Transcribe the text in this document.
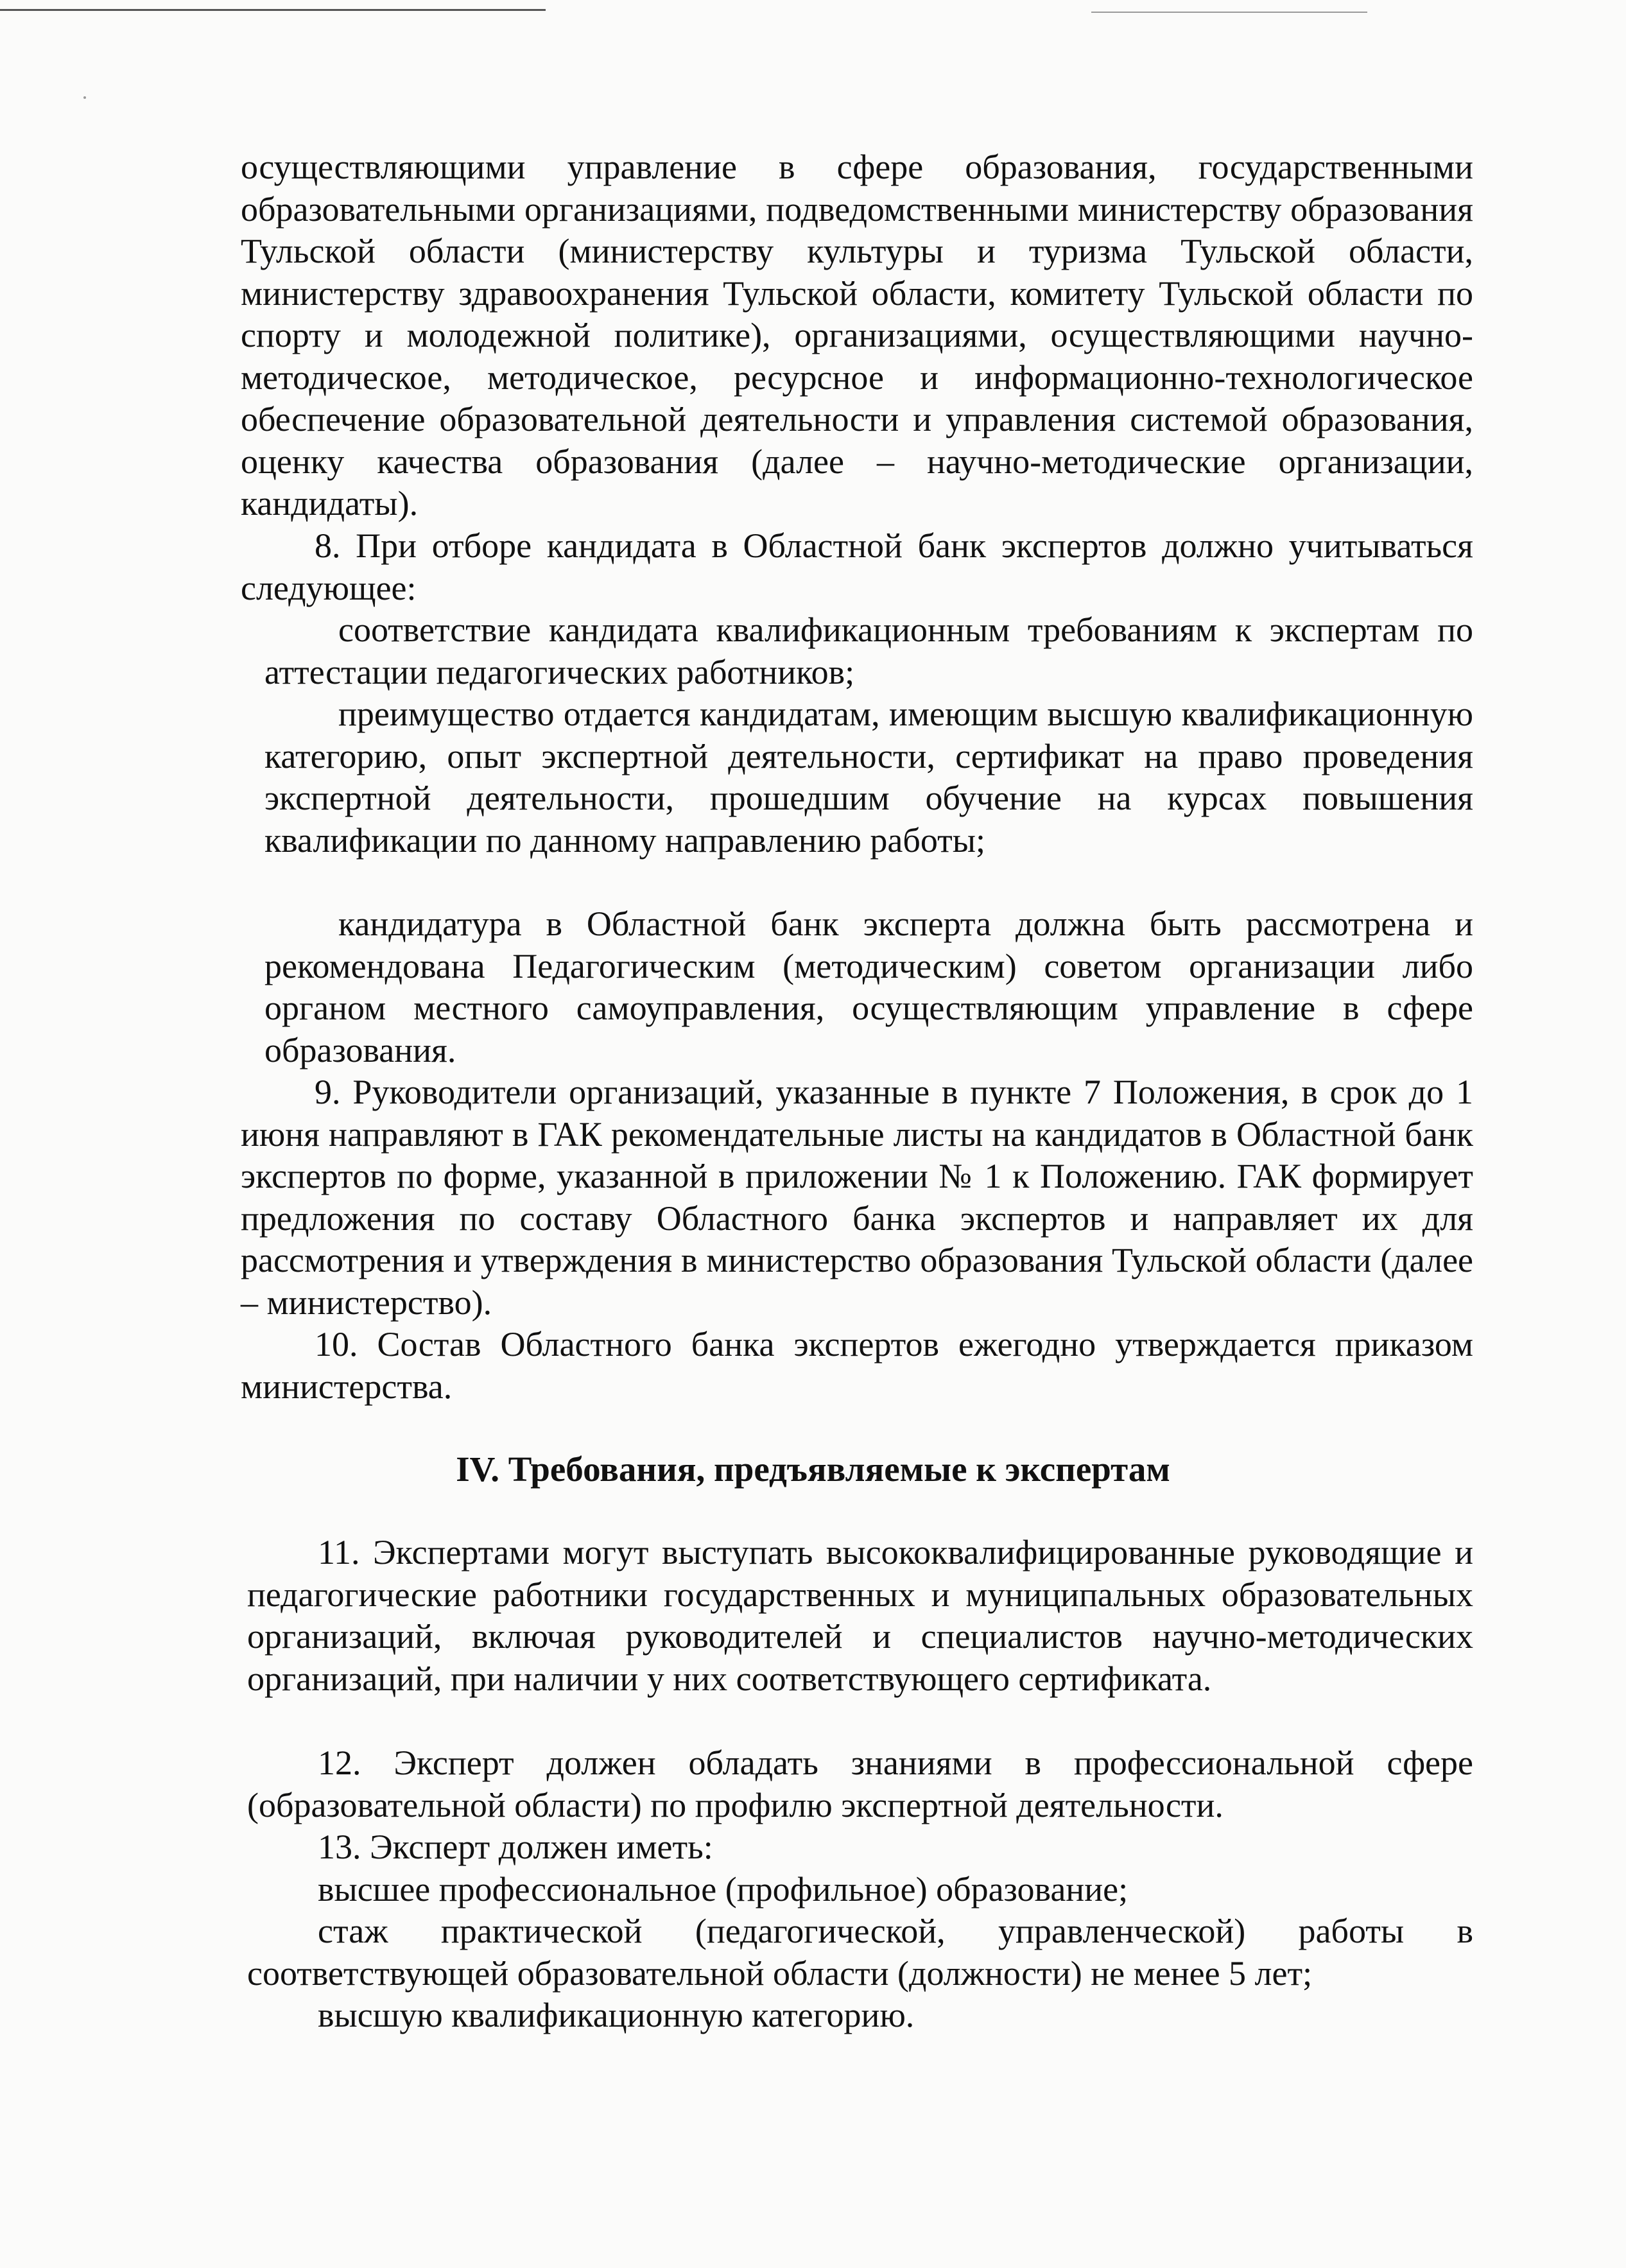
осуществляющими управление в сфере образования, государственными образовательными организациями, подведомственными министерству образования Тульской области (министерству культуры и туризма Тульской области, министерству здравоохранения Тульской области, комитету Тульской области по спорту и молодежной политике), организациями, осуществляющими научно-методическое, методическое, ресурсное и информационно-технологическое обеспечение образовательной деятельности и управления системой образования, оценку качества образования (далее – научно-методические организации, кандидаты).

8. При отборе кандидата в Областной банк экспертов должно учитываться следующее:

соответствие кандидата квалификационным требованиям к экспертам по аттестации педагогических работников;

преимущество отдается кандидатам, имеющим высшую квалификационную категорию, опыт экспертной деятельности, сертификат на право проведения экспертной деятельности, прошедшим обучение на курсах повышения квалификации по данному направлению работы;

кандидатура в Областной банк эксперта должна быть рассмотрена и рекомендована Педагогическим (методическим) советом организации либо органом местного самоуправления, осуществляющим управление в сфере образования.

9. Руководители организаций, указанные в пункте 7 Положения, в срок до 1 июня направляют в ГАК рекомендательные листы на кандидатов в Областной банк экспертов по форме, указанной в приложении № 1 к Положению. ГАК формирует предложения по составу Областного банка экспертов и направляет их для рассмотрения и утверждения в министерство образования Тульской области (далее – министерство).

10. Состав Областного банка экспертов ежегодно утверждается приказом министерства.

IV. Требования, предъявляемые к экспертам

11. Экспертами могут выступать высококвалифицированные руководящие и педагогические работники государственных и муниципальных образовательных организаций, включая руководителей и специалистов научно-методических организаций, при наличии у них соответствующего сертификата.

12. Эксперт должен обладать знаниями в профессиональной сфере (образовательной области) по профилю экспертной деятельности.

13. Эксперт должен иметь:

высшее профессиональное (профильное) образование;

стаж практической (педагогической, управленческой) работы в соответствующей образовательной области (должности) не менее 5 лет;

высшую квалификационную категорию.
